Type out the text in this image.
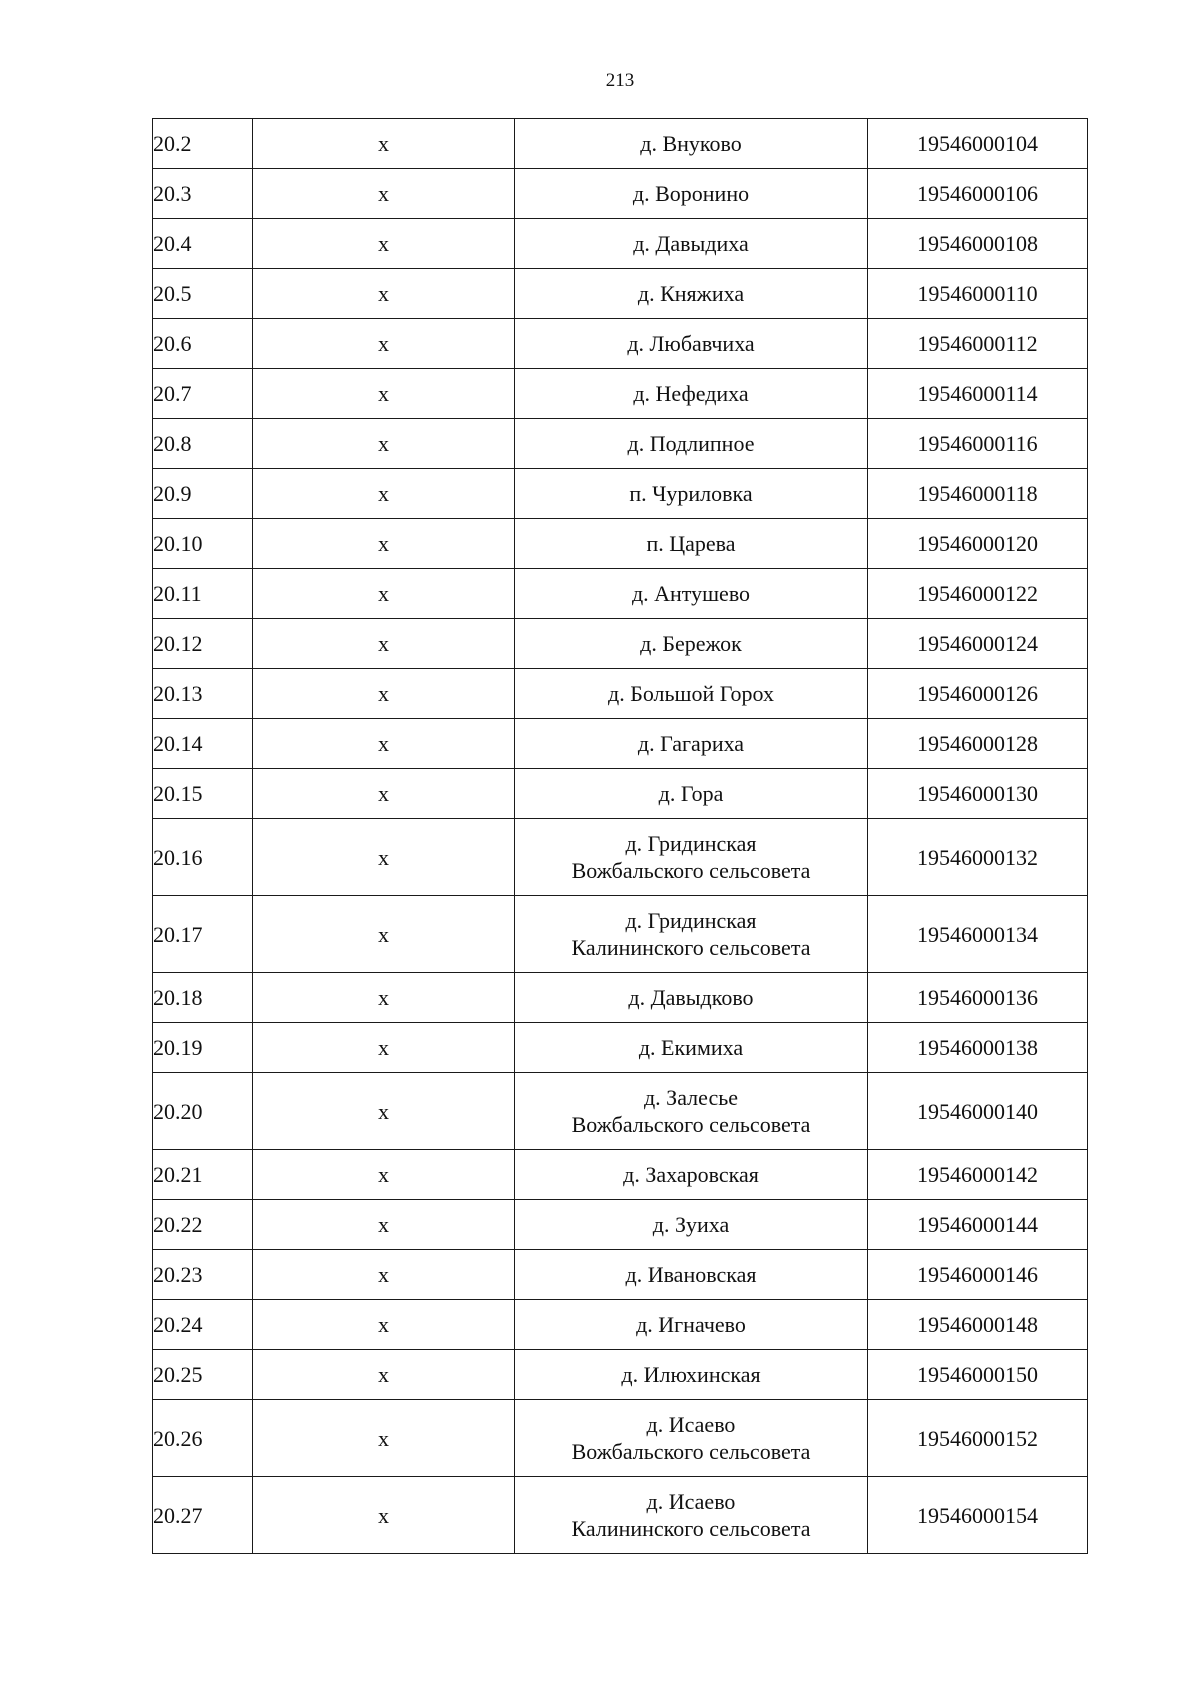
213
20.2	х	д. Внуково	19546000104
20.3	х	д. Воронино	19546000106
20.4	х	д. Давыдиха	19546000108
20.5	х	д. Княжиха	19546000110
20.6	х	д. Любавчиха	19546000112
20.7	х	д. Нефедиха	19546000114
20.8	х	д. Подлипное	19546000116
20.9	х	п. Чуриловка	19546000118
20.10	х	п. Царева	19546000120
20.11	х	д. Антушево	19546000122
20.12	х	д. Бережок	19546000124
20.13	х	д. Большой Горох	19546000126
20.14	х	д. Гагариха	19546000128
20.15	х	д. Гора	19546000130
20.16	х	д. Гридинская
Вожбальского сельсовета	19546000132
20.17	х	д. Гридинская
Калининского сельсовета	19546000134
20.18	х	д. Давыдково	19546000136
20.19	х	д. Екимиха	19546000138
20.20	х	д. Залесье
Вожбальского сельсовета	19546000140
20.21	х	д. Захаровская	19546000142
20.22	х	д. Зуиха	19546000144
20.23	х	д. Ивановская	19546000146
20.24	х	д. Игначево	19546000148
20.25	х	д. Илюхинская	19546000150
20.26	х	д. Исаево
Вожбальского сельсовета	19546000152
20.27	х	д. Исаево
Калининского сельсовета	19546000154
